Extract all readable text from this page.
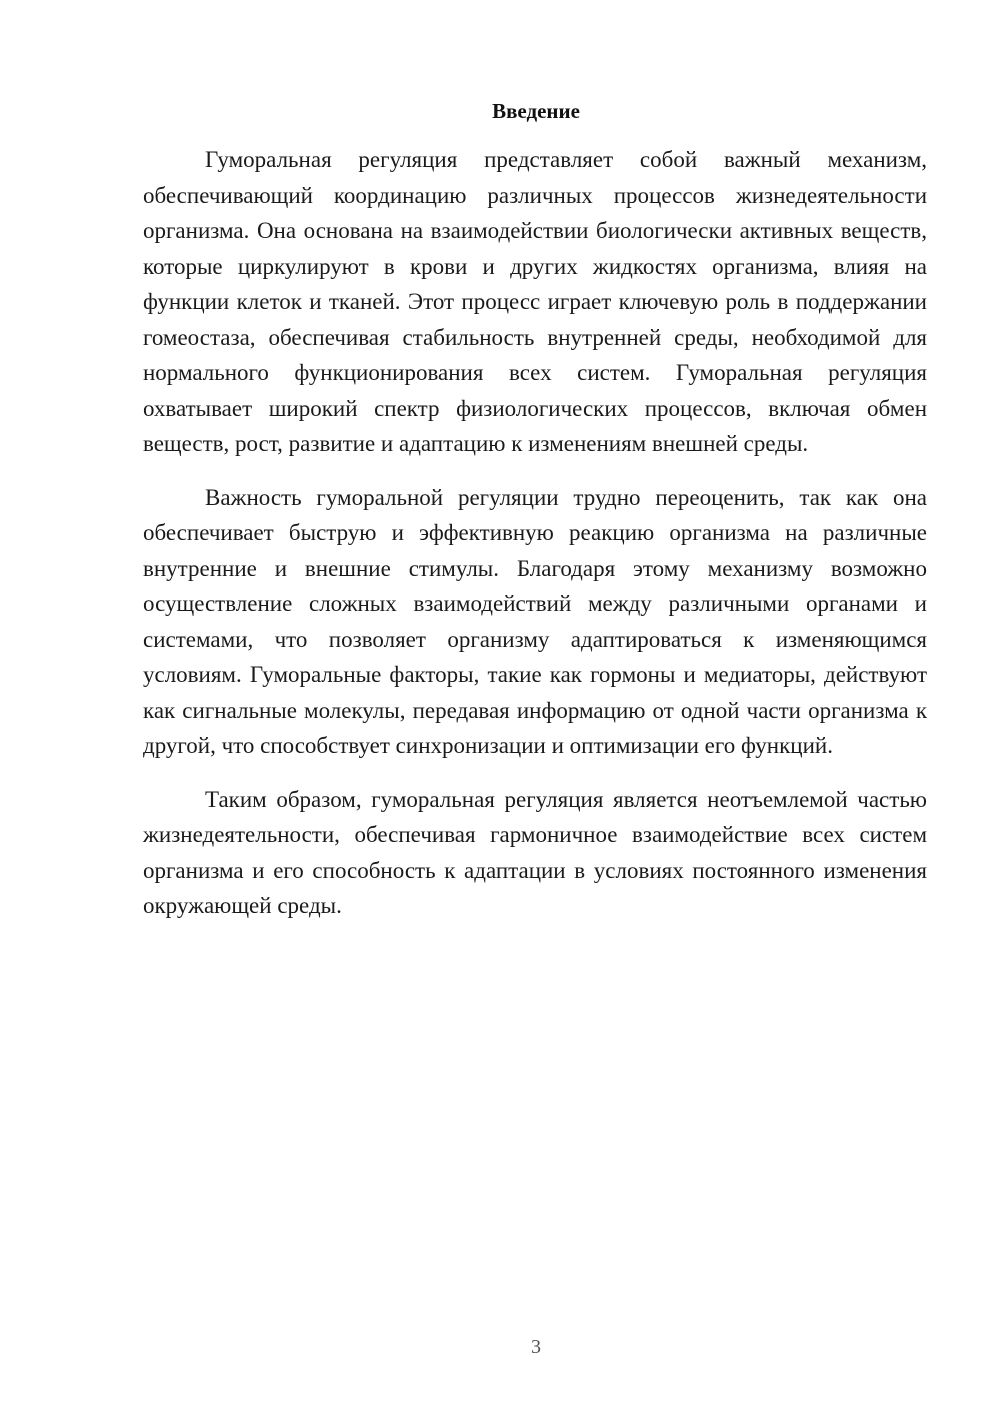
Введение

Гуморальная регуляция представляет собой важный механизм, обеспечивающий координацию различных процессов жизнедеятельности организма. Она основана на взаимодействии биологически активных веществ, которые циркулируют в крови и других жидкостях организма, влияя на функции клеток и тканей. Этот процесс играет ключевую роль в поддержании гомеостаза, обеспечивая стабильность внутренней среды, необходимой для нормального функционирования всех систем. Гуморальная регуляция охватывает широкий спектр физиологических процессов, включая обмен веществ, рост, развитие и адаптацию к изменениям внешней среды.

Важность гуморальной регуляции трудно переоценить, так как она обеспечивает быструю и эффективную реакцию организма на различные внутренние и внешние стимулы. Благодаря этому механизму возможно осуществление сложных взаимодействий между различными органами и системами, что позволяет организму адаптироваться к изменяющимся условиям. Гуморальные факторы, такие как гормоны и медиаторы, действуют как сигнальные молекулы, передавая информацию от одной части организма к другой, что способствует синхронизации и оптимизации его функций.

Таким образом, гуморальная регуляция является неотъемлемой частью жизнедеятельности, обеспечивая гармоничное взаимодействие всех систем организма и его способность к адаптации в условиях постоянного изменения окружающей среды.

3
